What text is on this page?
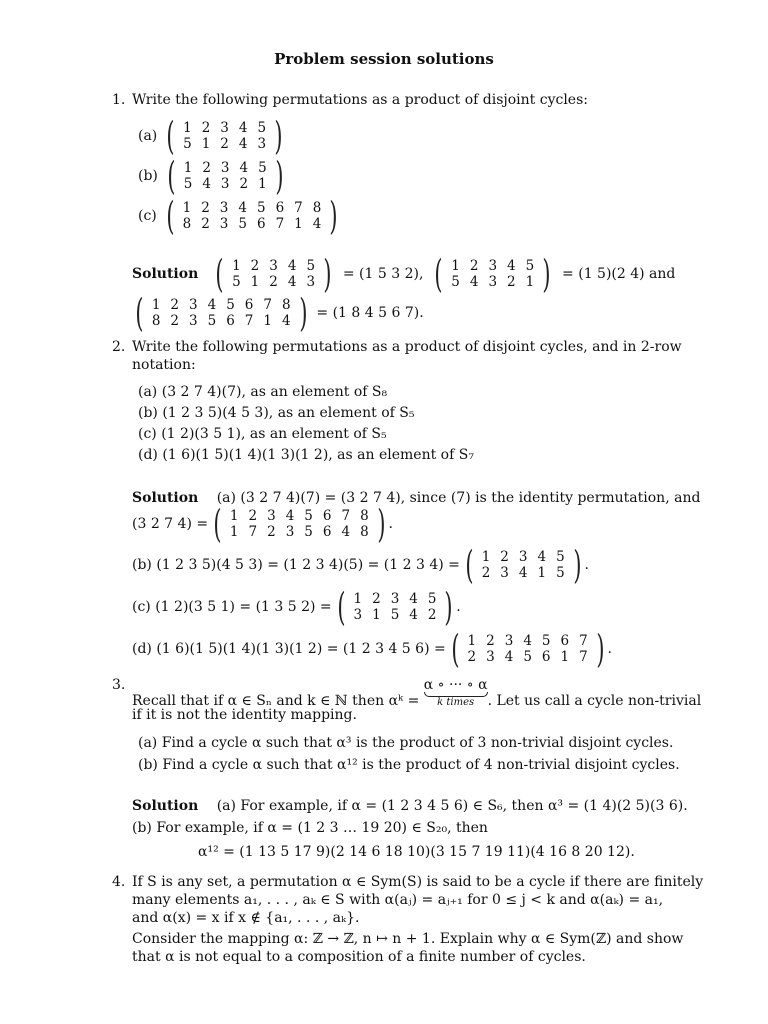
Problem session solutions
1. Write the following permutations as a product of disjoint cycles:
(a) ( 1	2	3	4	5
5	1	2	4	3 )
(b) ( 1	2	3	4	5
5	4	3	2	1 )
(c) ( 1	2	3	4	5	6	7	8
8	2	3	5	6	7	1	4 )
Solution ( 1	2	3	4	5
5	1	2	4	3 ) = (1 5 3 2), ( 1	2	3	4	5
5	4	3	2	1 ) = (1 5)(2 4) and
( 1	2	3	4	5	6	7	8
8	2	3	5	6	7	1	4 ) = (1 8 4 5 6 7).
2. Write the following permutations as a product of disjoint cycles, and in 2-row
notation:
(a) (3 2 7 4)(7), as an element of S₈
(b) (1 2 3 5)(4 5 3), as an element of S₅
(c) (1 2)(3 5 1), as an element of S₅
(d) (1 6)(1 5)(1 4)(1 3)(1 2), as an element of S₇
Solution (a) (3 2 7 4)(7) = (3 2 7 4), since (7) is the identity permutation, and
(3 2 7 4) = ( 1	2	3	4	5	6	7	8
1	7	2	3	5	6	4	8 ) .
(b) (1 2 3 5)(4 5 3) = (1 2 3 4)(5) = (1 2 3 4) = ( 1	2	3	4	5
2	3	4	1	5 ) .
(c) (1 2)(3 5 1) = (1 3 5 2) = ( 1	2	3	4	5
3	1	5	4	2 ) .
(d) (1 6)(1 5)(1 4)(1 3)(1 2) = (1 2 3 4 5 6) = ( 1	2	3	4	5	6	7
2	3	4	5	6	1	7 ) .
3.
Recall that if α ∈ Sₙ and k ∈ ℕ then αᵏ = α ∘ ··· ∘ α
k times . Let us call a cycle non-trivial
if it is not the identity mapping.
(a) Find a cycle α such that α³ is the product of 3 non-trivial disjoint cycles.
(b) Find a cycle α such that α¹² is the product of 4 non-trivial disjoint cycles.
Solution (a) For example, if α = (1 2 3 4 5 6) ∈ S₆, then α³ = (1 4)(2 5)(3 6).
(b) For example, if α = (1 2 3 … 19 20) ∈ S₂₀, then
α¹² = (1 13 5 17 9)(2 14 6 18 10)(3 15 7 19 11)(4 16 8 20 12).
4. If S is any set, a permutation α ∈ Sym(S) is said to be a cycle if there are finitely
many elements a₁, . . . , aₖ ∈ S with α(aⱼ) = aⱼ₊₁ for 0 ≤ j < k and α(aₖ) = a₁,
and α(x) = x if x ∉ {a₁, . . . , aₖ}.
Consider the mapping α: ℤ → ℤ, n ↦ n + 1. Explain why α ∈ Sym(ℤ) and show
that α is not equal to a composition of a finite number of cycles.
